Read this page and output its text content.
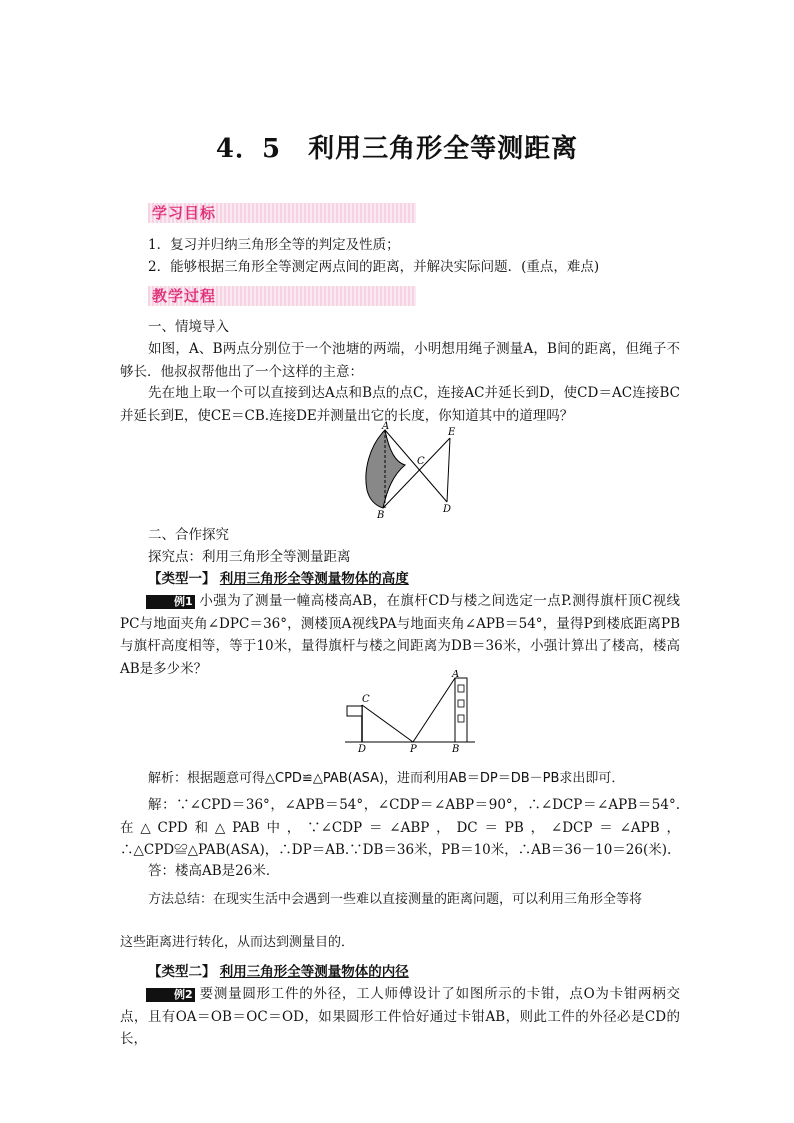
4．5　利用三角形全等测距离
学习目标
1．复习并归纳三角形全等的判定及性质；
2．能够根据三角形全等测定两点间的距离，并解决实际问题．(重点，难点)
教学过程
一、情境导入
如图，A、B两点分别位于一个池塘的两端，小明想用绳子测量A，B间的距离，但绳子不够长．他叔叔帮他出了一个这样的主意：
先在地上取一个可以直接到达A点和B点的点C，连接AC并延长到D，使CD＝AC连接BC并延长到E，使CE＝CB.连接DE并测量出它的长度，你知道其中的道理吗？
A
B
C
D
E
二、合作探究
探究点：利用三角形全等测量距离
【类型一】 利用三角形全等测量物体的高度
例1 小强为了测量一幢高楼高AB，在旗杆CD与楼之间选定一点P.测得旗杆顶C视线PC与地面夹角∠DPC＝36°，测楼顶A视线PA与地面夹角∠APB＝54°，量得P到楼底距离PB与旗杆高度相等，等于10米，量得旗杆与楼之间距离为DB＝36米，小强计算出了楼高，楼高AB是多少米？
C
D	P	B
A
解析：根据题意可得△CPD≌△PAB(ASA)，进而利用AB＝DP＝DB－PB求出即可．
解：∵∠CPD＝36°，∠APB＝54°，∠CDP＝∠ABP＝90°，∴∠DCP＝∠APB＝54°.在△CPD和△PAB中，∵∠CDP＝∠ABP，DC＝PB，∠DCP＝∠APB，∴△CPD≌△PAB(ASA)，∴DP＝AB.∵DB＝36米，PB＝10米，∴AB＝36－10＝26(米).
答：楼高AB是26米．
方法总结：在现实生活中会遇到一些难以直接测量的距离问题，可以利用三角形全等将
这些距离进行转化，从而达到测量目的．
【类型二】 利用三角形全等测量物体的内径
例2 要测量圆形工件的外径，工人师傅设计了如图所示的卡钳，点O为卡钳两柄交点，且有OA＝OB＝OC＝OD，如果圆形工件恰好通过卡钳AB，则此工件的外径必是CD的长，
